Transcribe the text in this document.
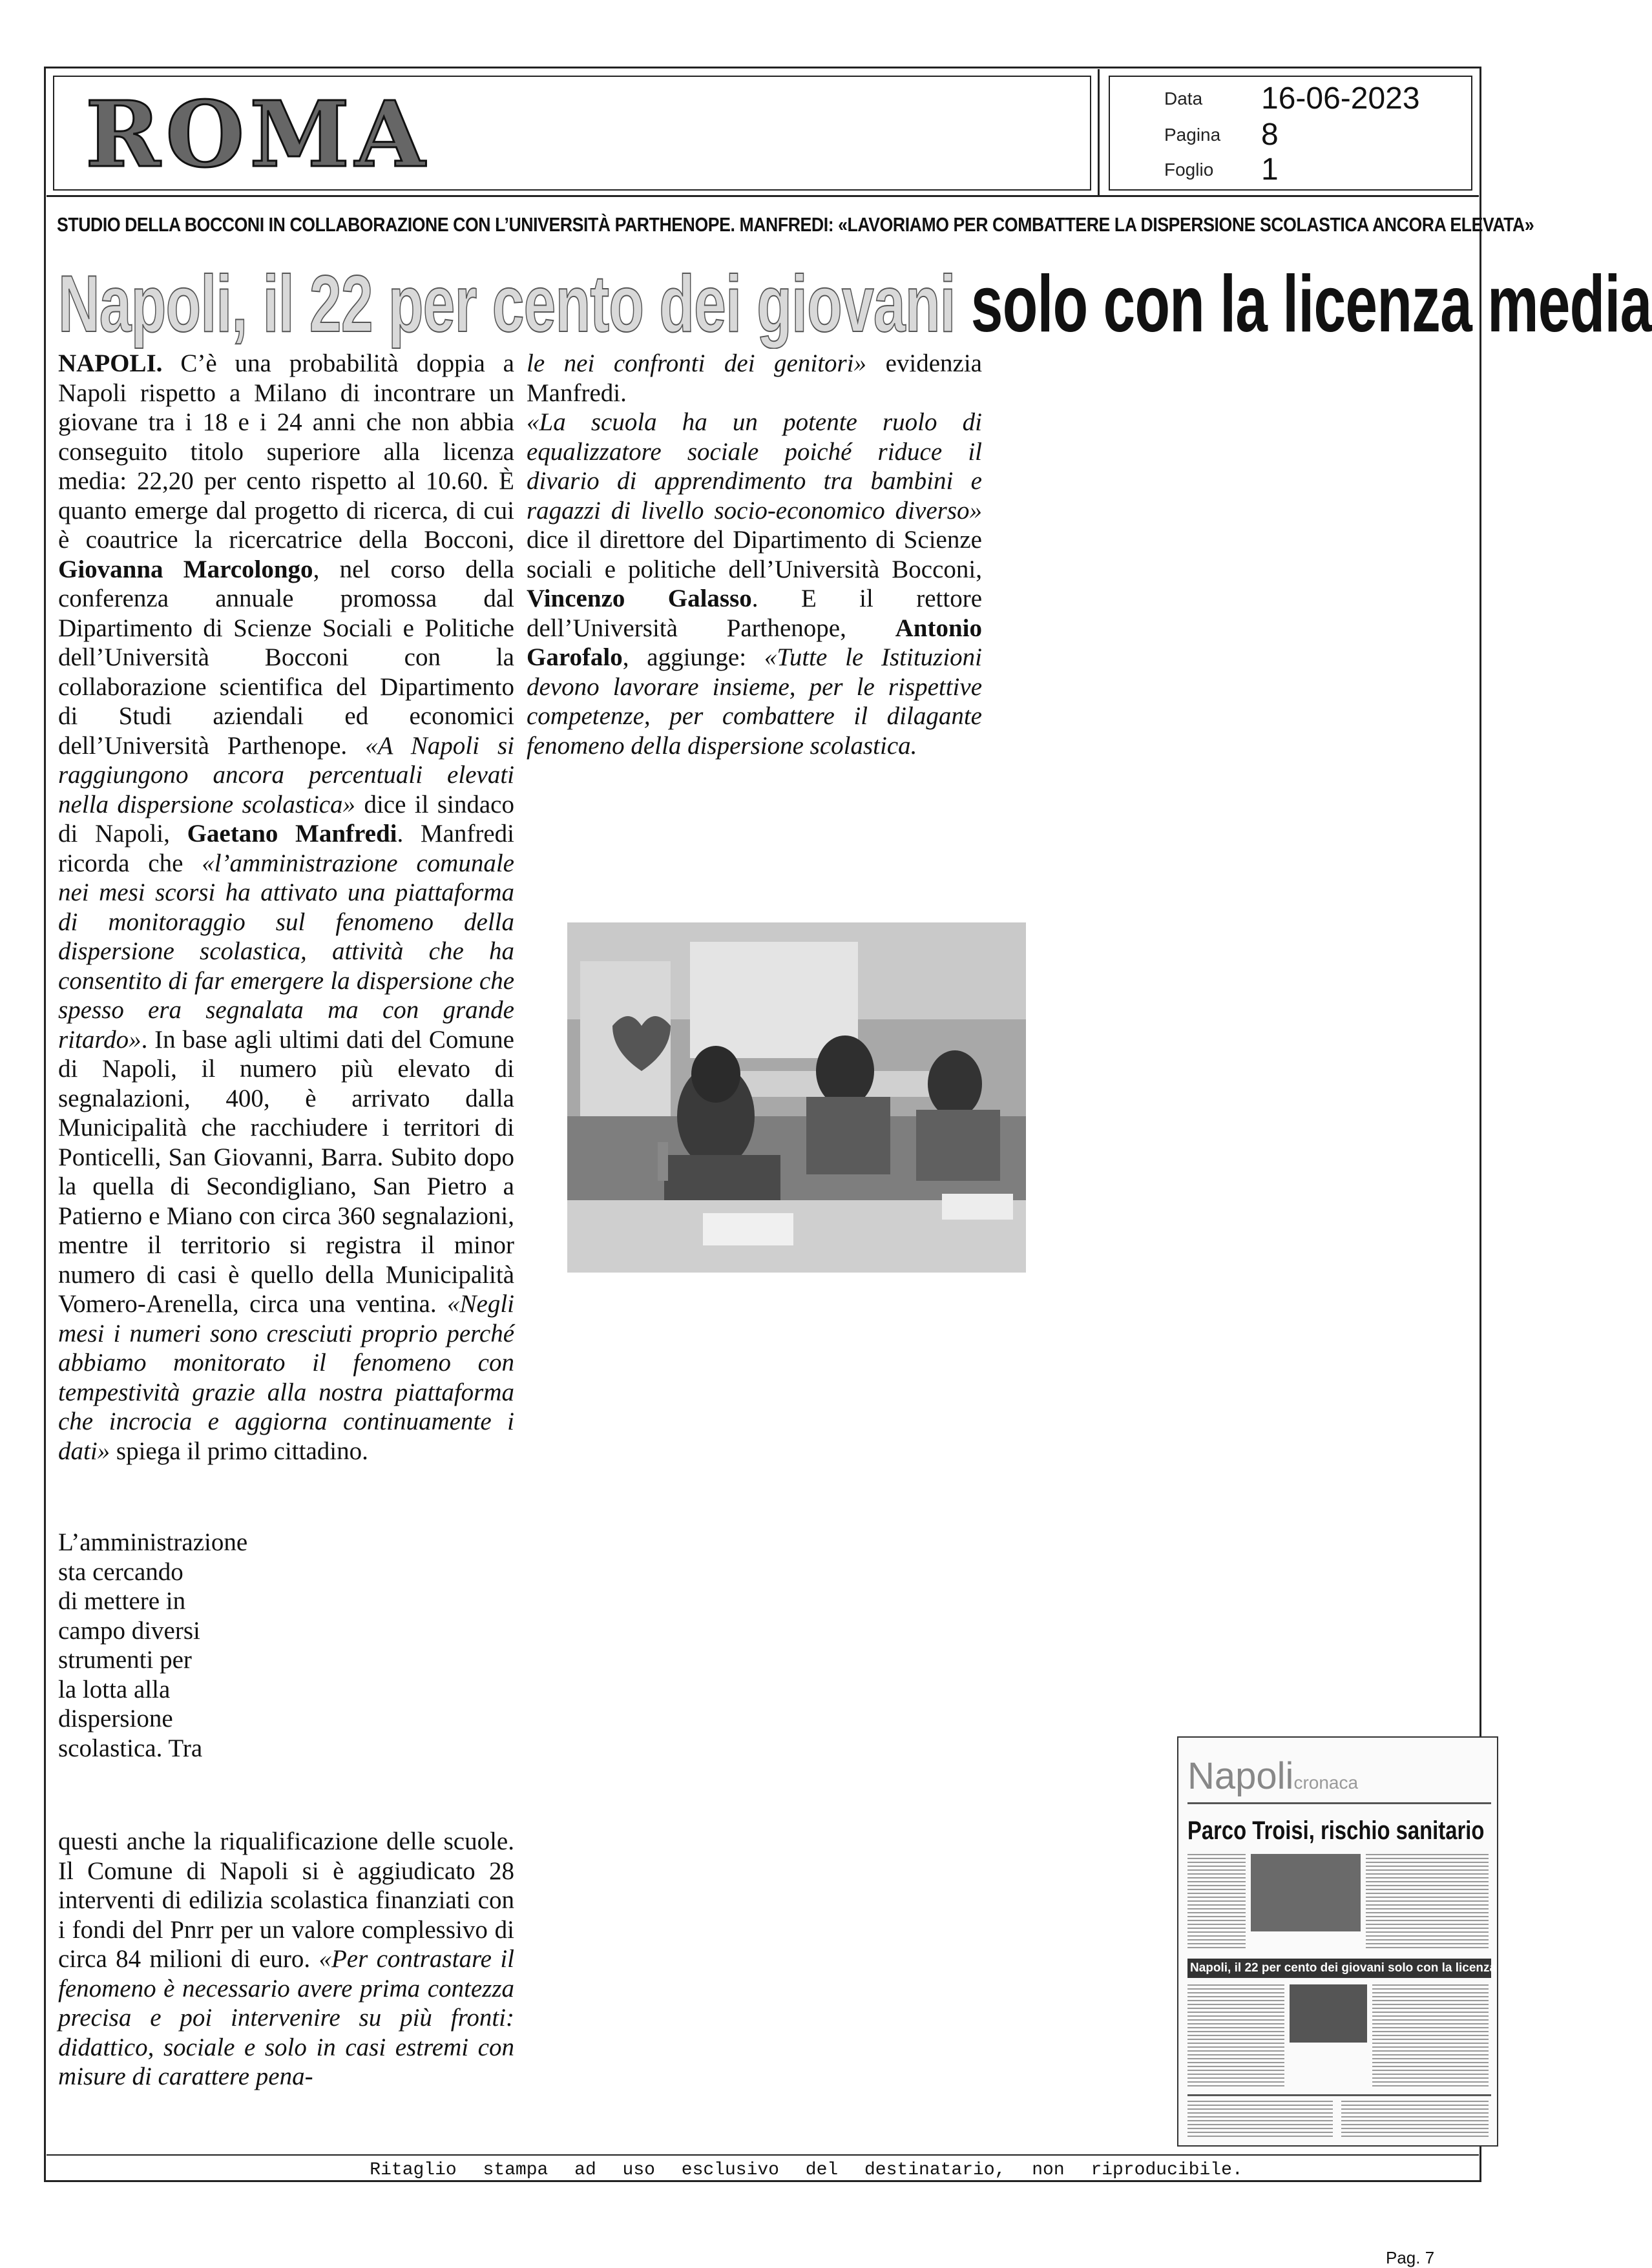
ROMA	Data 16-06-2023
Pagina 8
Foglio 1
STUDIO DELLA BOCCONI IN COLLABORAZIONE CON L’UNIVERSITÀ PARTHENOPE. MANFREDI: «LAVORIAMO PER COMBATTERE LA DISPERSIONE SCOLASTICA ANCORA ELEVATA»
Napoli, il 22 per cento dei giovani solo con la licenza media

NAPOLI. C’è una probabilità doppia a Napoli rispetto a Milano di incontrare un giovane tra i 18 e i 24 anni che non abbia conseguito titolo superiore alla licenza media: 22,20 per cento rispetto al 10.60. È quanto emerge dal progetto di ricerca, di cui è coautrice la ricercatrice della Bocconi, Giovanna Marcolongo, nel corso della conferenza annuale promossa dal Dipartimento di Scienze Sociali e Politiche dell’Università Bocconi con la collaborazione scientifica del Dipartimento di Studi aziendali ed economici dell’Università Parthenope. «A Napoli si raggiungono ancora percentuali elevati nella dispersione scolastica» dice il sindaco di Napoli, Gaetano Manfredi. Manfredi ricorda che «l’amministrazione comunale nei mesi scorsi ha attivato una piattaforma di monitoraggio sul fenomeno della dispersione scolastica, attività che ha consentito di far emergere la dispersione che spesso era segnalata ma con grande ritardo». In base agli ultimi dati del Comune di Napoli, il numero più elevato di segnalazioni, 400, è arrivato dalla Municipalità che racchiudere i territori di Ponticelli, San Giovanni, Barra. Subito dopo la quella di Secondigliano, San Pietro a Patierno e Miano con circa 360 segnalazioni, mentre il territorio si registra il minor numero di casi è quello della Municipalità Vomero-Arenella, circa una ventina. «Negli mesi i numeri sono cresciuti proprio perché abbiamo monitorato il fenomeno con tempestività grazie alla nostra piattaforma che incrocia e aggiorna continuamente i dati» spiega il primo cittadino.

L’amministrazione sta cercando di mettere in campo diversi strumenti per la lotta alla dispersione scolastica. Tra

questi anche la riqualificazione delle scuole. Il Comune di Napoli si è aggiudicato 28 interventi di edilizia scolastica finanziati con i fondi del Pnrr per un valore complessivo di circa 84 milioni di euro. «Per contrastare il fenomeno è necessario avere prima contezza precisa e poi intervenire su più fronti: didattico, sociale e solo in casi estremi con misure di carattere pena-

le nei confronti dei genitori» evidenzia Manfredi.
«La scuola ha un potente ruolo di equalizzatore sociale poiché riduce il divario di apprendimento tra bambini e ragazzi di livello socio-economico diverso» dice il direttore del Dipartimento di Scienze sociali e politiche dell’Università Bocconi, Vincenzo Galasso. E il rettore dell’Università Parthenope, Antonio Garofalo, aggiunge: «Tutte le Istituzioni devono lavorare insieme, per le rispettive competenze, per combattere il dilagante fenomeno della dispersione scolastica.

Napolicronaca
Parco Troisi, rischio sanitario
Napoli, il 22 per cento dei giovani solo con la licenza media
Ritaglio stampa ad uso esclusivo del destinatario, non riproducibile.
Pag. 7
